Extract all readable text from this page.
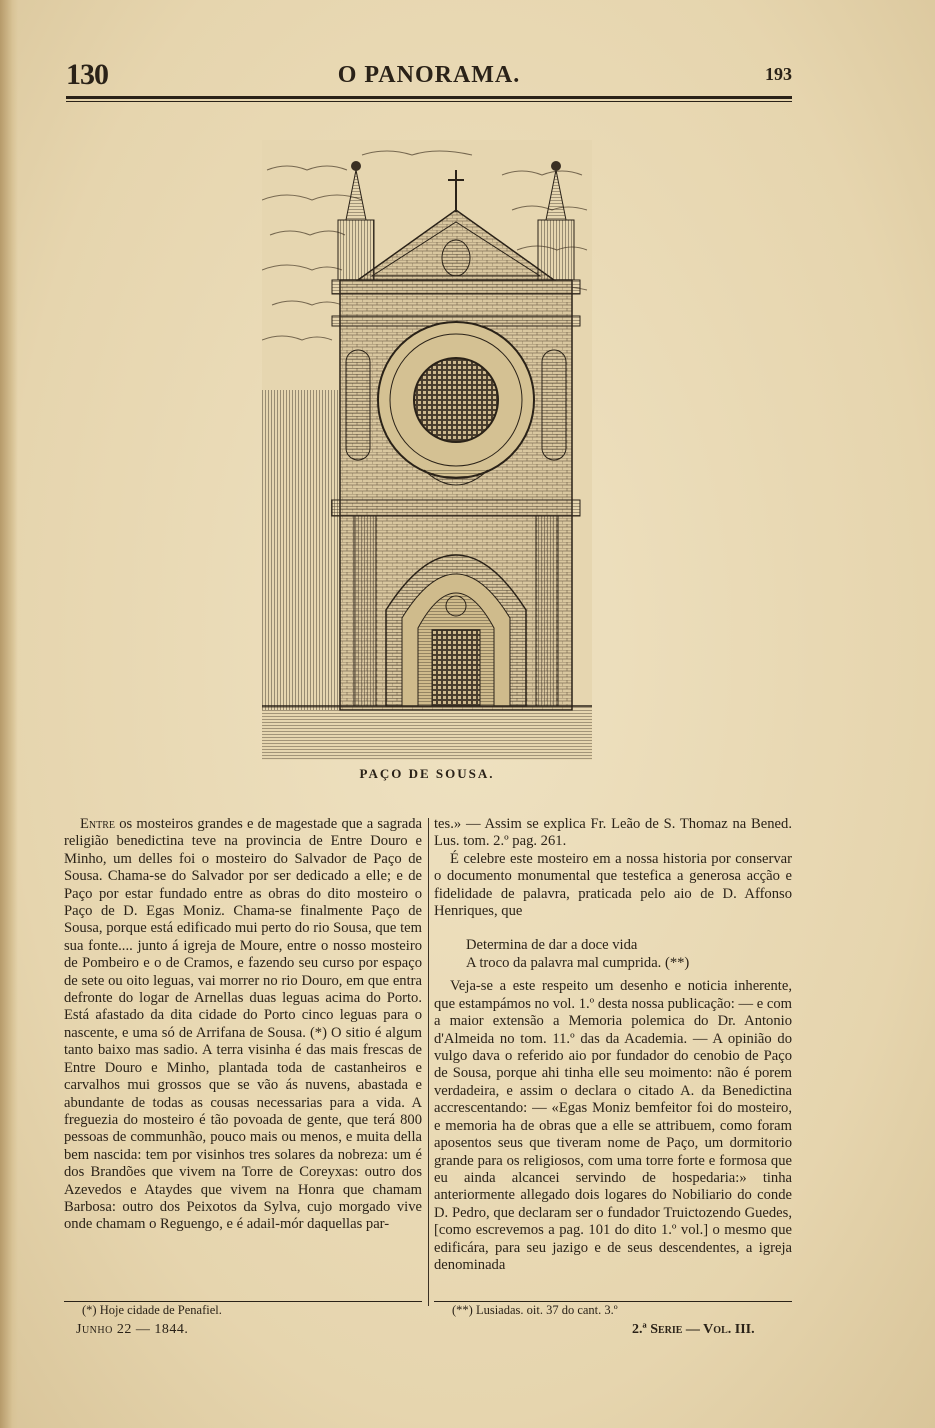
130	O PANORAMA.	193
PAÇO DE SOUSA.

Entre os mosteiros grandes e de magestade que a sagrada religião benedictina teve na provincia de Entre Douro e Minho, um delles foi o mosteiro do Salvador de Paço de Sousa. Chama-se do Salvador por ser dedicado a elle; e de Paço por estar fundado entre as obras do dito mosteiro o Paço de D. Egas Moniz. Chama-se finalmente Paço de Sousa, porque está edificado mui perto do rio Sousa, que tem sua fonte.... junto á igreja de Moure, entre o nosso mosteiro de Pombeiro e o de Cramos, e fazendo seu curso por espaço de sete ou oito leguas, vai morrer no rio Douro, em que entra defronte do logar de Arnellas duas leguas acima do Porto. Está afastado da dita cidade do Porto cinco leguas para o nascente, e uma só de Arrifana de Sousa. (*) O sitio é algum tanto baixo mas sadio. A terra visinha é das mais frescas de Entre Douro e Minho, plantada toda de castanheiros e carvalhos mui grossos que se vão ás nuvens, abastada e abundante de todas as cousas necessarias para a vida. A freguezia do mosteiro é tão povoada de gente, que terá 800 pessoas de communhão, pouco mais ou menos, e muita della bem nascida: tem por visinhos tres solares da nobreza: um é dos Brandões que vivem na Torre de Coreyxas: outro dos Azevedos e Ataydes que vivem na Honra que chamam Barbosa: outro dos Peixotos da Sylva, cujo morgado vive onde chamam o Reguengo, e é adail-mór daquellas par-

tes.» — Assim se explica Fr. Leão de S. Thomaz na Bened. Lus. tom. 2.º pag. 261.

É celebre este mosteiro em a nossa historia por conservar o documento monumental que testefica a generosa acção e fidelidade de palavra, praticada pelo aio de D. Affonso Henriques, que

Determina de dar a doce vida
A troco da palavra mal cumprida. (**)

Veja-se a este respeito um desenho e noticia inherente, que estampámos no vol. 1.º desta nossa publicação: — e com a maior extensão a Memoria polemica do Dr. Antonio d'Almeida no tom. 11.º das da Academia. — A opinião do vulgo dava o referido aio por fundador do cenobio de Paço de Sousa, porque ahi tinha elle seu moimento: não é porem verdadeira, e assim o declara o citado A. da Benedictina accrescentando: — «Egas Moniz bemfeitor foi do mosteiro, e memoria ha de obras que a elle se attribuem, como foram aposentos seus que tiveram nome de Paço, um dormitorio grande para os religiosos, com uma torre forte e formosa que eu ainda alcancei servindo de hospedaria:» tinha anteriormente allegado dois logares do Nobiliario do conde D. Pedro, que declaram ser o fundador Truictozendo Guedes, [como escrevemos a pag. 101 do dito 1.º vol.] o mesmo que edificára, para seu jazigo e de seus descendentes, a igreja denominada

(*) Hoje cidade de Penafiel.	(**) Lusiadas. oit. 37 do cant. 3.º
Junho 22 — 1844.	2.ª Serie — Vol. III.
